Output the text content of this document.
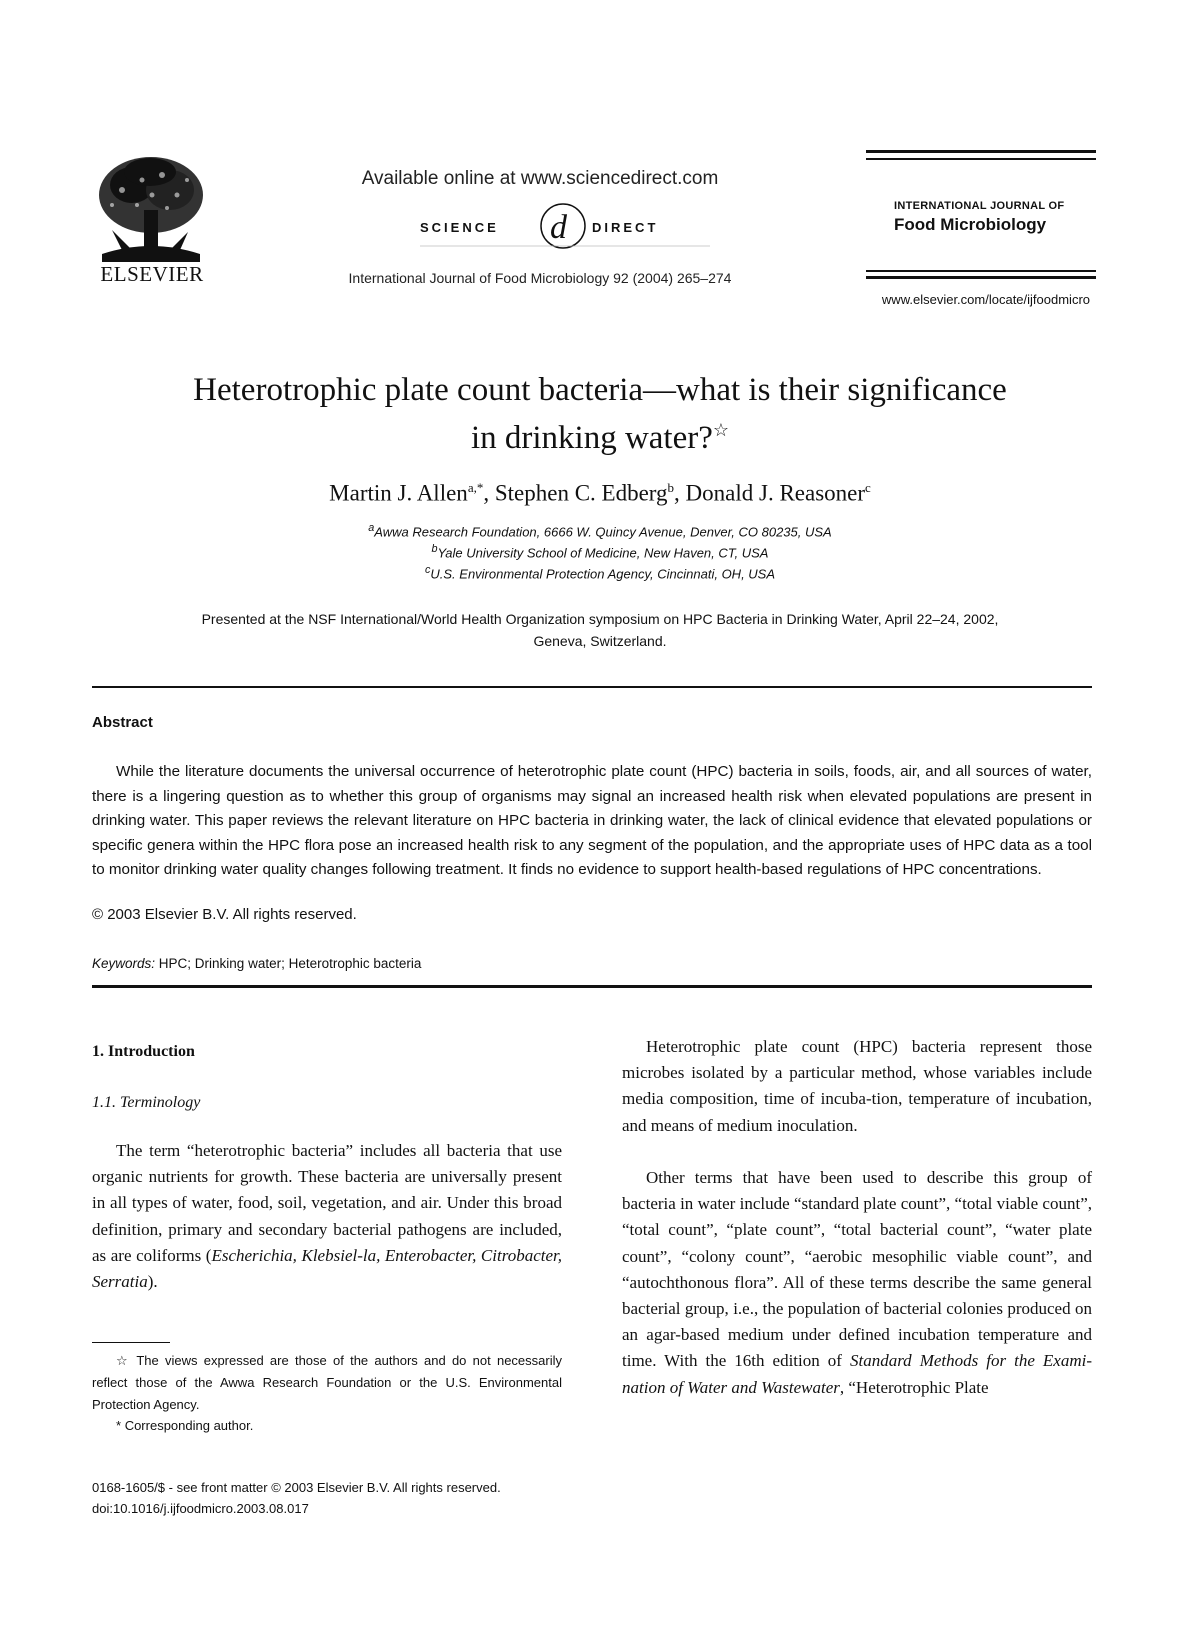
ELSEVIER
Available online at www.sciencedirect.com
SCIENCE d DIRECT
International Journal of Food Microbiology 92 (2004) 265–274
INTERNATIONAL JOURNAL OF
Food Microbiology
www.elsevier.com/locate/ijfoodmicro
Heterotrophic plate count bacteria—what is their significance
in drinking water?☆
Martin J. Allen$^{a,*}$, Stephen C. Edberg$^b$, Donald J. Reasoner$^c$
$^a$Awwa Research Foundation, 6666 W. Quincy Avenue, Denver, CO 80235, USA
$^b$Yale University School of Medicine, New Haven, CT, USA
$^c$U.S. Environmental Protection Agency, Cincinnati, OH, USA
Presented at the NSF International/World Health Organization symposium on HPC Bacteria in Drinking Water, April 22–24, 2002,
Geneva, Switzerland.
Abstract
While the literature documents the universal occurrence of heterotrophic plate count (HPC) bacteria in soils, foods, air, and all sources of water, there is a lingering question as to whether this group of organisms may signal an increased health risk when elevated populations are present in drinking water. This paper reviews the relevant literature on HPC bacteria in drinking water, the lack of clinical evidence that elevated populations or specific genera within the HPC flora pose an increased health risk to any segment of the population, and the appropriate uses of HPC data as a tool to monitor drinking water quality changes following treatment. It finds no evidence to support health-based regulations of HPC concentrations.
© 2003 Elsevier B.V. All rights reserved.
Keywords: HPC; Drinking water; Heterotrophic bacteria
1. Introduction
1.1. Terminology
The term “heterotrophic bacteria” includes all bacteria that use organic nutrients for growth. These bacteria are universally present in all types of water, food, soil, vegetation, and air. Under this broad definition, primary and secondary bacterial pathogens are included, as are coliforms (Escherichia, Klebsiel-la, Enterobacter, Citrobacter, Serratia).
Heterotrophic plate count (HPC) bacteria represent those microbes isolated by a particular method, whose variables include media composition, time of incuba-tion, temperature of incubation, and means of medium inoculation.
Other terms that have been used to describe this group of bacteria in water include “standard plate count”, “total viable count”, “total count”, “plate count”, “total bacterial count”, “water plate count”, “colony count”, “aerobic mesophilic viable count”, and “autochthonous flora”. All of these terms describe the same general bacterial group, i.e., the population of bacterial colonies produced on an agar-based medium under defined incubation temperature and time. With the 16th edition of Standard Methods for the Exami-nation of Water and Wastewater, “Heterotrophic Plate
☆ The views expressed are those of the authors and do not necessarily reflect those of the Awwa Research Foundation or the U.S. Environmental Protection Agency.
* Corresponding author.
0168-1605/$ - see front matter © 2003 Elsevier B.V. All rights reserved.
doi:10.1016/j.ijfoodmicro.2003.08.017
